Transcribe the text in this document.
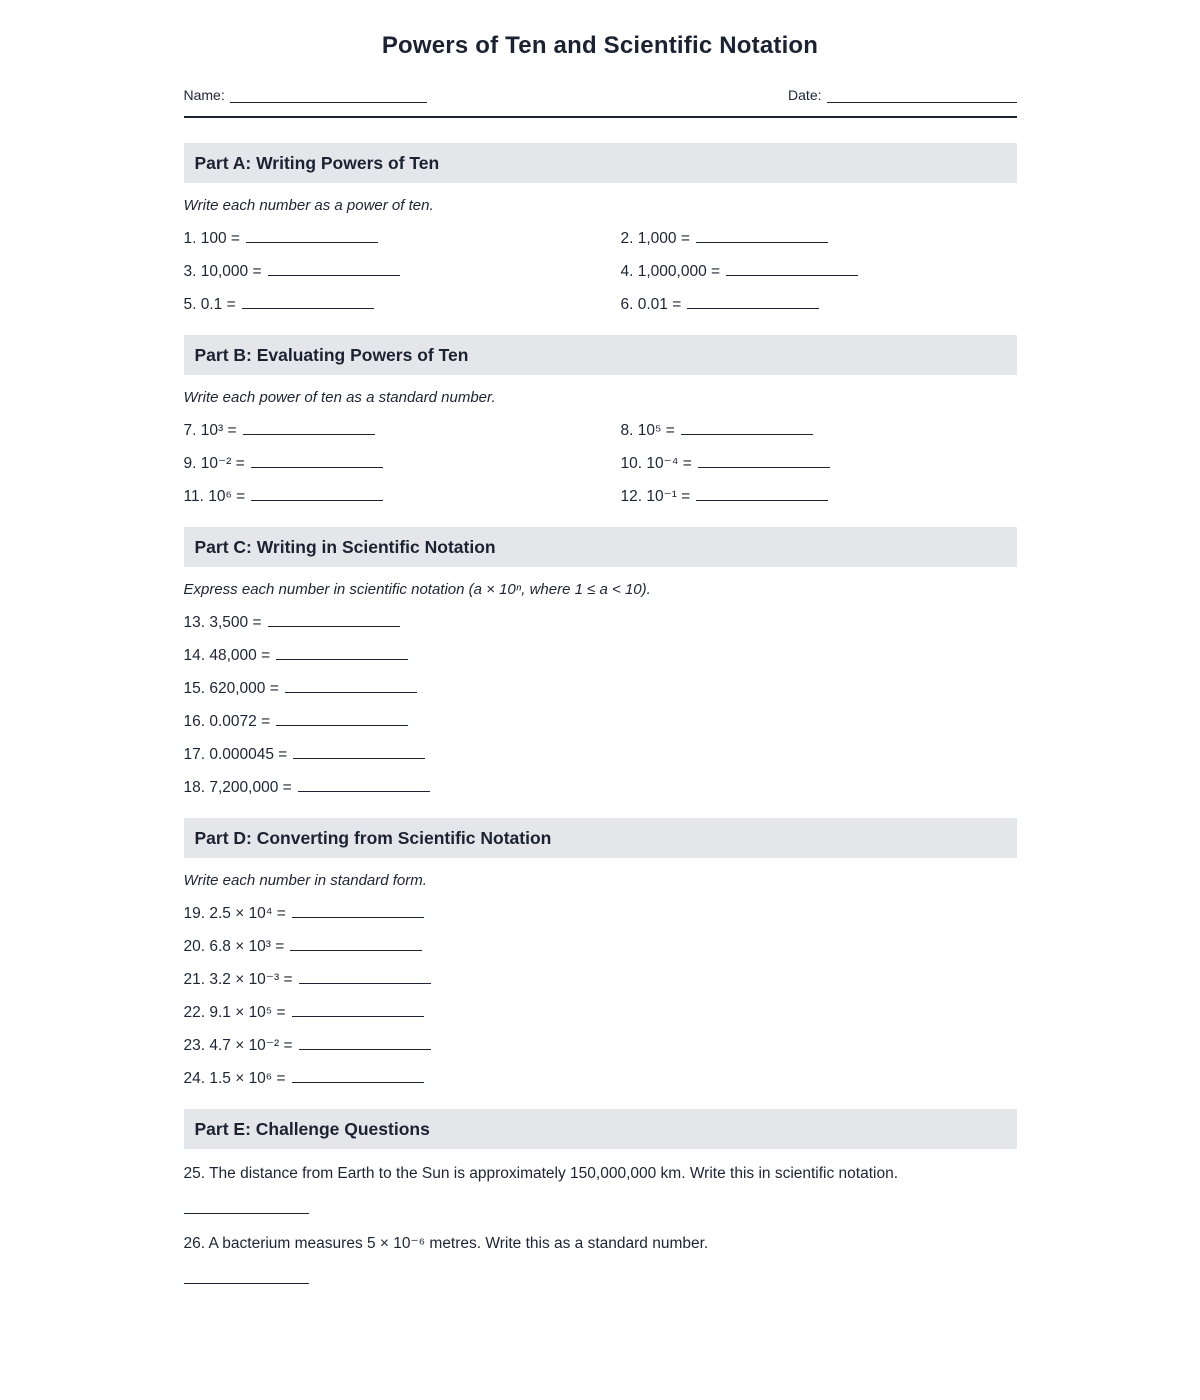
Powers of Ten and Scientific Notation
Name:	Date:
Part A: Writing Powers of Ten
Write each number as a power of ten.
1. 100 =	2. 1,000 =
3. 10,000 =	4. 1,000,000 =
5. 0.1 =	6. 0.01 =
Part B: Evaluating Powers of Ten
Write each power of ten as a standard number.
7. 10³ =	8. 10⁵ =
9. 10⁻² =	10. 10⁻⁴ =
11. 10⁶ =	12. 10⁻¹ =
Part C: Writing in Scientific Notation
Express each number in scientific notation (a × 10ⁿ, where 1 ≤ a < 10).
13. 3,500 =
14. 48,000 =
15. 620,000 =
16. 0.0072 =
17. 0.000045 =
18. 7,200,000 =
Part D: Converting from Scientific Notation
Write each number in standard form.
19. 2.5 × 10⁴ =
20. 6.8 × 10³ =
21. 3.2 × 10⁻³ =
22. 9.1 × 10⁵ =
23. 4.7 × 10⁻² =
24. 1.5 × 10⁶ =
Part E: Challenge Questions
25. The distance from Earth to the Sun is approximately 150,000,000 km. Write this in scientific notation.
26. A bacterium measures 5 × 10⁻⁶ metres. Write this as a standard number.
